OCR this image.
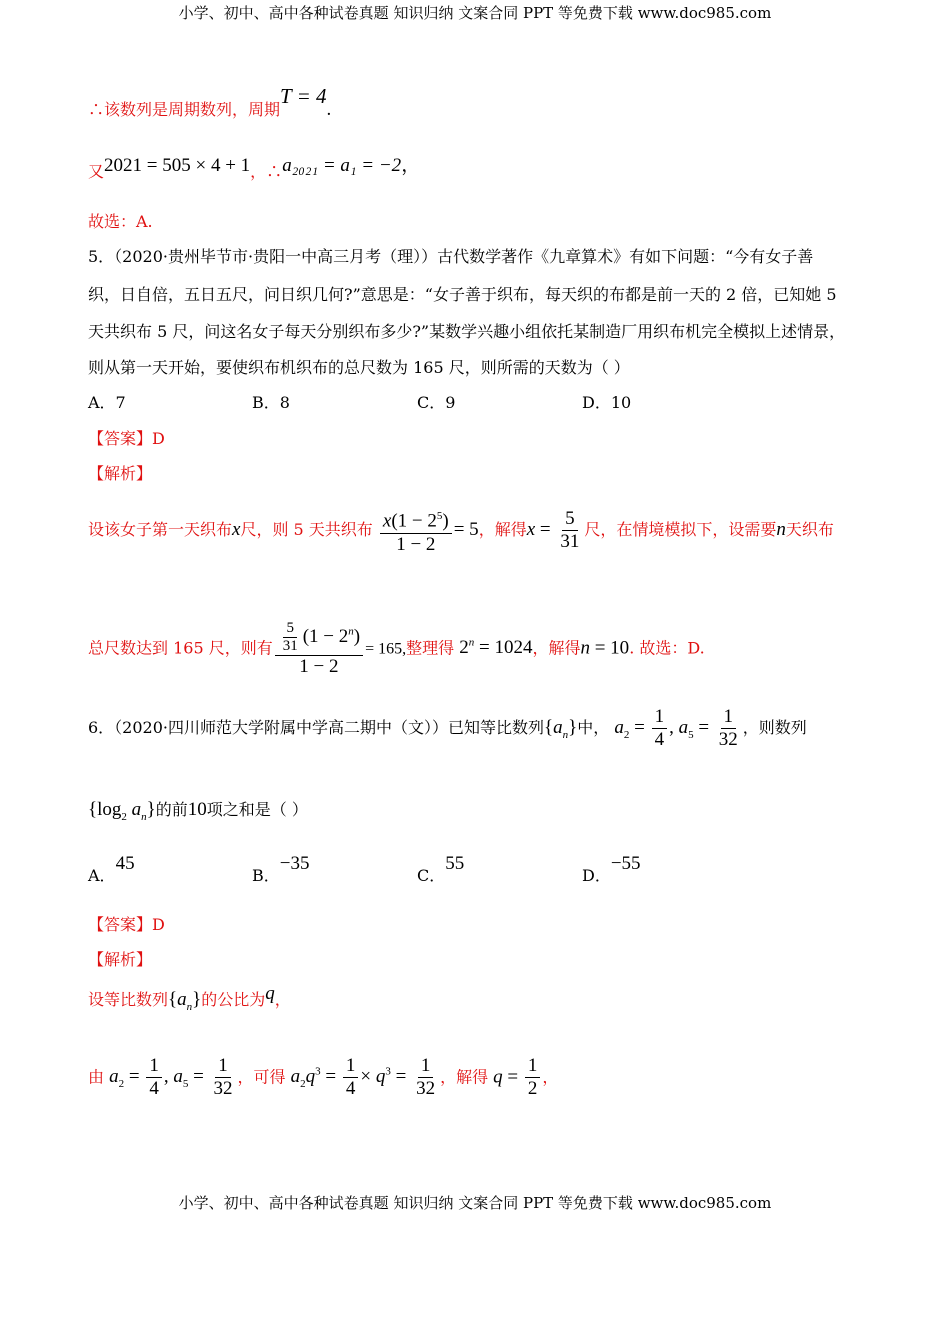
小学、初中、高中各种试卷真题 知识归纳 文案合同 PPT 等免费下载 www.doc985.com
∴该数列是周期数列，周期T = 4.
又2021 = 505 × 4 + 1，∴a₂₀₂₁ = a₁ = −2，
故选：A.
5．（2020·贵州毕节市·贵阳一中高三月考（理））古代数学著作《九章算术》有如下问题：“今有女子善
织，日自倍，五日五尺，问日织几何?”意思是：“女子善于织布，每天织的布都是前一天的 2 倍，已知她 5
天共织布 5 尺，问这名女子每天分别织布多少?”某数学兴趣小组依托某制造厂用织布机完全模拟上述情景，
则从第一天开始，要使织布机织布的总尺数为 165 尺，则所需的天数为（ ）
A．7	B．8	C．9	D．10
【答案】D
【解析】
设该女子第一天织布x尺，则 5 天共织布 $\frac{x(1 - 2^5)}{1 - 2} = 5$，解得$x = \frac{5}{31}$ 尺，在情境模拟下，设需要n天织布
总尺数达到 165 尺，则有 $\frac{\frac{5}{31} (1 - 2^n)}{1 - 2} = 165$,整理得 $2^n = 1024$，解得n = 10. 故选：D.
6．（2020·四川师范大学附属中学高二期中（文））已知等比数列$\{a_n\}$中， $a_2 = \frac{1}{4}$ , $a_5 = \frac{1}{32}$ ，则数列
{$\log_2$ $a_n$}的前10项之和是（ ）
A．45
B．−35
C．55
D．−55
【答案】D
【解析】
设等比数列$\{a_n\}$的公比为q，
由 $a_2 = \frac{1}{4}$ , $a_5 = \frac{1}{32}$ ，可得 $a_2q^3 = \frac{1}{4} \times q^3 = \frac{1}{32}$ ，解得 $q = \frac{1}{2}$ ，
小学、初中、高中各种试卷真题 知识归纳 文案合同 PPT 等免费下载 www.doc985.com
